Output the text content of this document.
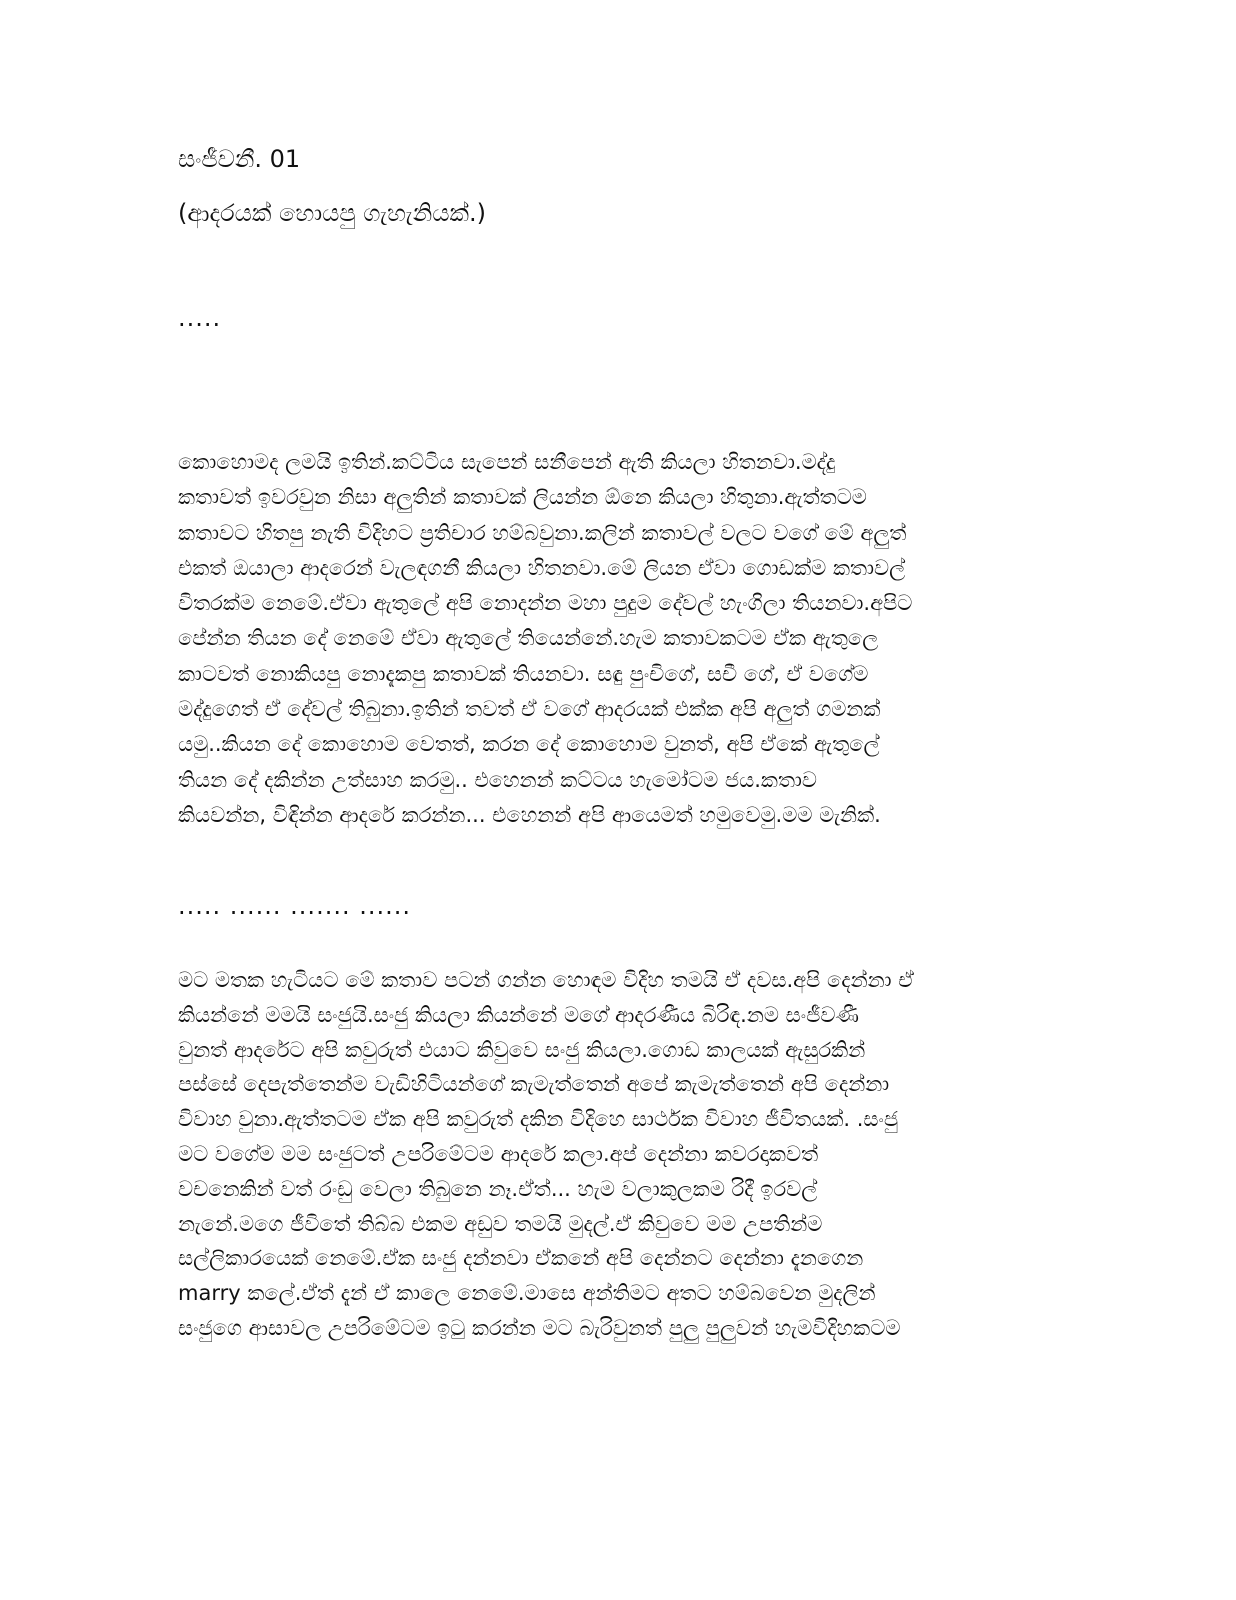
සංජීවනී. 01
(ආදරයක් හොයපු ගැහැනියක්.)
.....
කොහොමද ලමයි ඉතින්.කට්ටිය සැපෙන් සනීපෙන් ඇති කියලා හිතනවා.මද්දු
කතාවත් ඉවරවුන නිසා අලුතින් කතාවක් ලියන්න ඕනෙ කියලා හිතුනා.ඇත්තටම
කතාවට හිතපු නැති විදිහට ප්‍රතිචාර හම්බවුනා.කලින් කතාවල් වලට වගේ මේ අලුත්
එකත් ඔයාලා ආදරෙන් වැලඳගනී කියලා හිතනවා.මේ ලියන ඒවා ගොඩක්ම කතාවල්
විතරක්ම නෙමේ.ඒවා ඇතුලේ අපි නොදන්න මහා පුදුම දේවල් හැංගිලා තියනවා.අපිට
පේන්න තියන දේ නෙමේ ඒවා ඇතුලේ තියෙන්නේ.හැම කතාවකටම ඒක ඇතුලෙ
කාටවත් නොකියපු නොදැකපු කතාවක් තියනවා. සඳු පුංචිගේ, සචී ගේ, ඒ වගේම
මද්දුගෙත් ඒ දේවල් තිබුනා.ඉතින් තවත් ඒ වගේ ආදරයක් එක්ක අපි අලුත් ගමනක්
යමු..කියන දේ කොහොම වෙතත්, කරන දේ කොහොම වුනත්, අපි ඒකේ ඇතුලේ
තියන දේ දකින්න උත්සාහ කරමු.. එහෙනන් කට්ටය හැමෝටම ජය.කතාව
කියවන්න, විඳින්න ආදරේ කරන්න... එහෙනන් අපි ආයෙමත් හමුවෙමු.මම මැනික්.
..... ...... ....... ......
මට මතක හැටියට මේ කතාව පටන් ගන්න හොඳම විදිහ තමයි ඒ දවස.අපි දෙන්නා ඒ
කියන්නේ මමයි සංජුයි.සංජු කියලා කියන්නේ මගේ ආදරණීය බිරිඳ.නම සංජීවණී
වුනත් ආදරේට අපි කවුරුත් එයාට කිවුවෙ සංජු කියලා.ගොඩ කාලයක් ඇසුරකින්
පස්සේ දෙපැත්තෙන්ම වැඩිහිටියන්ගේ කැමැත්තෙන් අපේ කැමැත්තෙන් අපි දෙන්නා
විවාහ වුනා.ඇත්තටම ඒක අපි කවුරුත් දකින විදිහෙ සාර්ථක විවාහ ජීවිතයක්. .සංජු
මට වගේම මම සංජුටත් උපරිමේටම ආදරේ කලා.අප් දෙන්නා කවරදාකවත්
වචනෙකින් වත් රංඩු වෙලා තිබුනෙ නෑ.ඒත්... හැම වලාකුලකම රිදී ඉරවල්
නැනේ.මගෙ ජීවිතේ තිබ්බ එකම අඩුව තමයි මුදල්.ඒ කිවුවෙ මම උපතින්ම
සල්ලිකාරයෙක් නෙමේ.ඒක සංජු දන්නවා ඒකනේ අපි දෙන්නට දෙන්නා දැනගෙන
marry කලේ.ඒත් දැන් ඒ කාලෙ නෙමේ.මාසෙ අන්තිමට අතට හම්බවෙන මුදලින්
සංජුගෙ ආසාවල උපරිමේටම ඉටු කරන්න මට බැරිවුනත් පුලු පුලුවන් හැමවිදිහකටම
